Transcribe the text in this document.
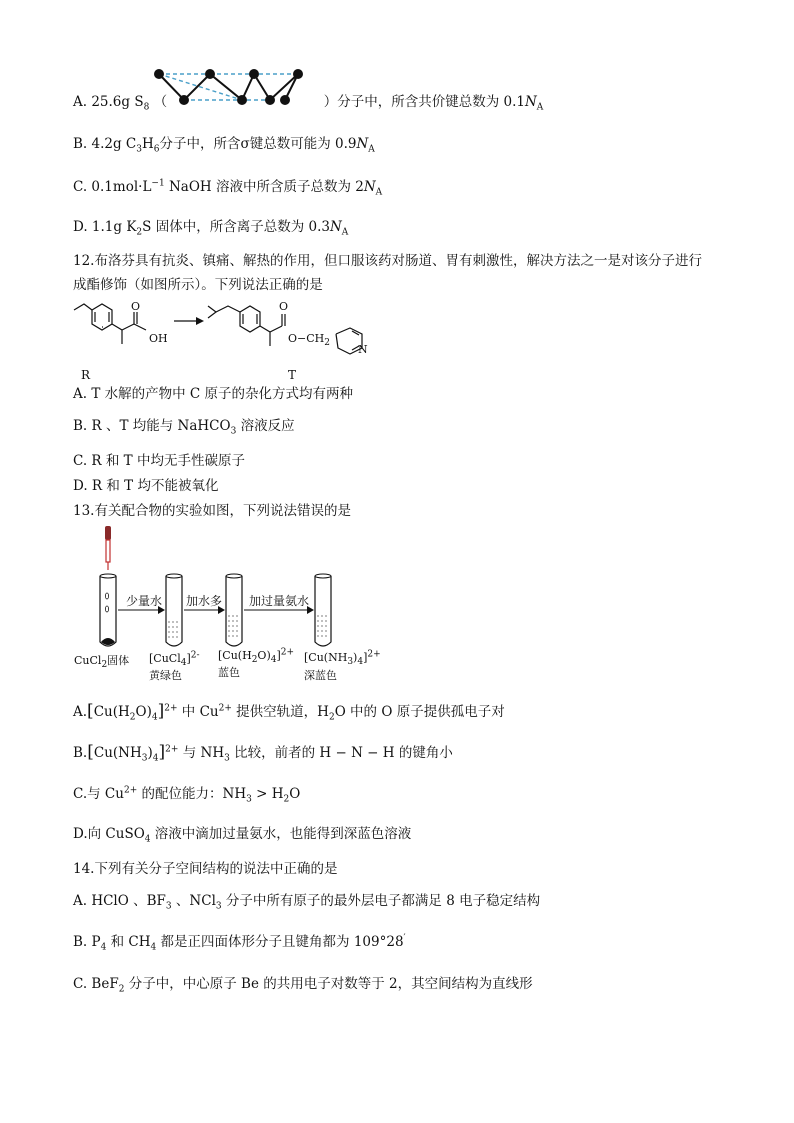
A. 25.6g $S_8$ （	）分子中，所含共价键总数为 $0.1N_A$
B. 4.2g $C_3H_6$分子中，所含σ键总数可能为 $0.9N_A$
C. $0.1mol\cdot L^{-1}$ NaOH 溶液中所含质子总数为 $2N_A$
D. 1.1g $K_2S$ 固体中，所含离子总数为 $0.3N_A$
12.布洛芬具有抗炎、镇痛、解热的作用，但口服该药对肠道、胃有刺激性，解决方法之一是对该分子进行
成酯修饰（如图所示）。下列说法正确的是
O
OH
O
$O-CH_2$	N
R	T
A. T 水解的产物中 C 原子的杂化方式均有两种
B. R 、T 均能与 NaHCO$_3$ 溶液反应
C. R 和 T 中均无手性碳原子
D. R 和 T 均不能被氧化
13.有关配合物的实验如图，下列说法错误的是
少量水 加水多 加过量氨水
CuCl$_2$固体 [CuCl$_4$]$^{2-}$
黄绿色
$[Cu(H_2O)_4]^{2+}$
蓝色
$[Cu(NH_3)_4]^{2+}$
深蓝色
$A.[Cu(H_2O)_4]^{2+}$ 中 $Cu^{2+}$ 提供空轨道，$H_2O$ 中的 O 原子提供孤电子对
$B.[Cu(NH_3)_4]^{2+}$ 与 $NH_3$ 比较，前者的 H − N − H 的键角小
C.与 $Cu^{2+}$ 的配位能力：$NH_3 > H_2O$
D.向 CuSO$_4$ 溶液中滴加过量氨水，也能得到深蓝色溶液
14.下列有关分子空间结构的说法中正确的是
A. HClO 、$BF_3$ 、NCl$_3$ 分子中所有原子的最外层电子都满足 8 电子稳定结构
B. $P_4$ 和 $CH_4$ 都是正四面体形分子且键角都为 109°28′
C. BeF$_2$ 分子中，中心原子 Be 的共用电子对数等于 2，其空间结构为直线形
